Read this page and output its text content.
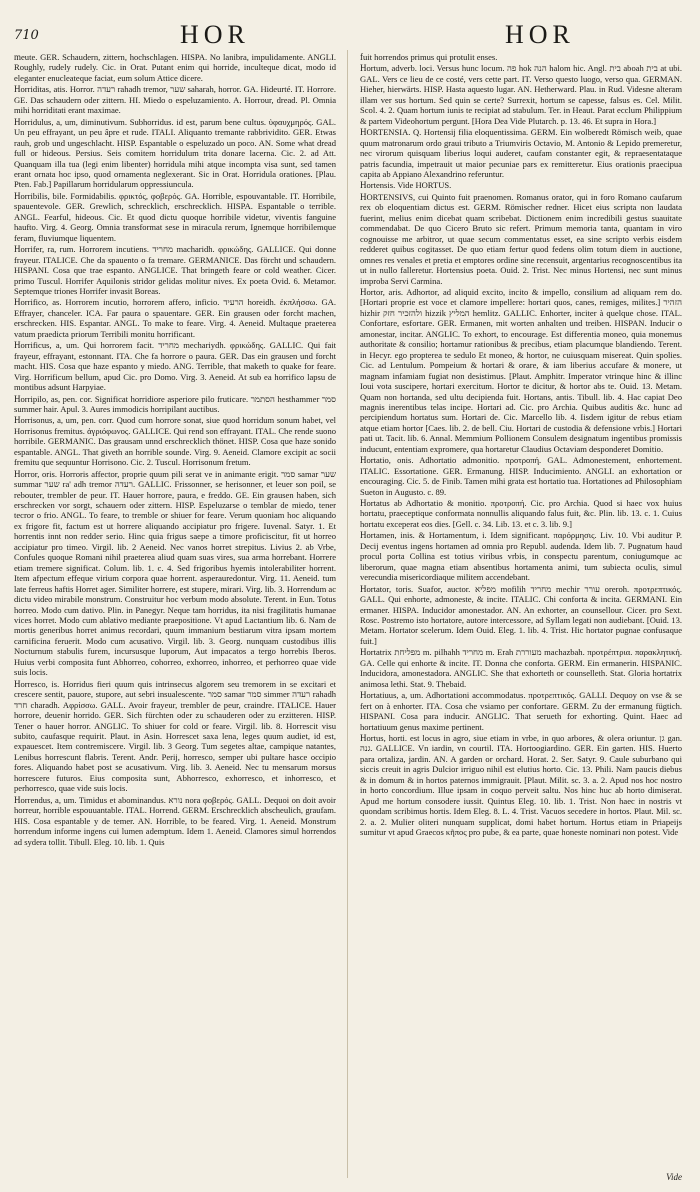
710	HOR	HOR

meute. GER. Schaudern, zittern, hochschlagen. HISPA. No lanibra, impulidamente. ANGLI. Roughly, rudely rudely. Cic. in Orat. Putant enim qui horride, inculteque dicat, modo id eleganter enucleateque faciat, eum solum Attice dicere.

Horriditas, atis. Horror. רעדה rahadh tremor, שער saharah, horror. GA. Hideurté. IT. Horrore. GE. Das schaudern oder zittern. HI. Miedo o espeluzamiento. A. Horrour, dread. Pl. Omnia mihi horriditati erant maximae.

Horridulus, a, um, diminutivum. Subhorridus. id est, parum bene cultus. ὑφαυχμηρός. GAL. Un peu effrayant, un peu âpre et rude. ITALI. Aliquanto tremante rabbrividito. GER. Etwas rauh, grob und ungeschlacht. HISP. Espantable o espeluzado un poco. AN. Some what dread full or hideous. Persius. Seis comitem horridulum trita donare lacerna. Cic. 2. ad Att. Quanquam illa tua (legi enim libenter) horridula mihi atque incompta visa sunt, sed tamen erant ornata hoc ipso, quod ornamenta neglexerant. Sic in Orat. Horridula orationes. [Plau. Pten. Fab.] Papillarum horridularum oppressiuncula.

Horribilis, bile. Formidabilis. φρικτός, φοβερός. GA. Horrible, espouvantable. IT. Horribile, spauentevole. GER. Grewlich, schrecklich, erschrecklich. HISPA. Espantable o terrible. ANGL. Fearful, hideous. Cic. Et quod dictu quoque horribile videtur, viventis fanguine haufto. Virg. 4. Georg. Omnia transformat sese in miracula rerum, Ignemque horribilemque feram, fluviumque liquentem.

Horrifer, ra, rum. Horrorem incutiens. מחריד macharidh. φρικώδης. GALLICE. Qui donne frayeur. ITALICE. Che da spauento o fa tremare. GERMANICE. Das förcht und schaudern. HISPANI. Cosa que trae espanto. ANGLICE. That bringeth feare or cold weather. Cicer. primo Tuscul. Horrifer Aquilonis stridor gelidas molitur nives. Ex poeta Ovid. 6. Metamor. Septemque triones Horrifer invasit Boreas.

Horrifico, as. Horrorem incutio, horrorem affero, inficio. הרעיד horeidh. ἐκπλήσσω. GA. Effrayer, chanceler. ICA. Far paura o spauentare. GER. Ein grausen oder forcht machen, erschrecken. HIS. Espantar. ANGL. To make to feare. Virg. 4. Aeneid. Multaque praeterea vatum praedicta priorum Terribili monitu horrificant.

Horrificus, a, um. Qui horrorem facit. מחריד mechariydh. φρικώδης. GALLIC. Qui fait frayeur, effrayant, estonnant. ITA. Che fa horrore o paura. GER. Das ein grausen und forcht macht. HIS. Cosa que haze espanto y miedo. ANG. Terrible, that maketh to quake for feare. Virg. Horrificum bellum, apud Cic. pro Domo. Virg. 3. Aeneid. At sub ea horrifico lapsu de montibus adsunt Harpyiae.

Horripilo, as, pen. cor. Significat horridiore asperiore pilo fruticare. הסתמר hesthammer סמר summer hair. Apul. 3. Aures immodicis horripilant auctibus.

Horrisonus, a, um, pen. corr. Quod cum horrore sonat, siue quod horridum sonum habet, vel Horrisonus fremitus. ἀγριόφωνος. GALLICE. Qui rend son effrayant. ITAL. Che rende suono horribile. GERMANIC. Das grausam unnd erschrecklich thönet. HISP. Cosa que haze sonido espantable. ANGL. That giveth an horrible sounde. Virg. 9. Aeneid. Clamore excipit ac socii fremitu que sequuntur Horrisono. Cic. 2. Tuscul. Horrisonum fretum.

Horror, oris. Horroris affector, proprie quum pili serat ve in animante erigit. סמר samar שער summar שער ra' adh tremor רעדה. GALLIC. Frissonner, se herisonner, et leuer son poil, se rebouter, trembler de peur. IT. Hauer horrore, paura, e freddo. GE. Ein grausen haben, sich erschrecken vor sorgt, schauern oder zittern. HISP. Espeluzarse o temblar de miedo, tener tecror o frio. ANGL. To feare, to tremble or shiuer for feare. Verum quoniam hoc aliquando ex frigore fit, factum est ut horrere aliquando accipiatur pro frigere. Iuvenal. Satyr. 1. Et horrentis innt non redder serio. Hinc quia frigus saepe a timore proficiscitur, fit ut horreo accipiatur pro timeo. Virgil. lib. 2 Aeneid. Nec vanos horret strepitus. Livius 2. ab Vrbe, Confules quoque Romani nihil praeterea aliud quam suas vires, sua arma horrebant. Horrere etiam tremere significat. Colum. lib. 1. c. 4. Sed frigoribus hyemis intolerabiliter horrent. Item afpectum effeque virium corpora quae horrent. asperauredontur. Virg. 11. Aeneid. tum late ferreus haftis Horret ager. Similiter horrere, est stupere, mirari. Virg. lib. 3. Horrendum ac dictu video mirabile monstrum. Construitur hoc verbum modo absolute. Terent. in Eun. Totus horreo. Modo cum dativo. Plin. in Panegyr. Neque tam horridus, ita nisi fragilitatis humanae vices horret. Modo cum ablativo mediante praepositione. Vt apud Lactantium lib. 6. Nam de mortis generibus horret animus recordari, quum immanium bestiarum vitra ipsam mortem carnificina feruerit. Modo cum acusativo. Virgil. lib. 3. Georg. nunquam custodibus illis Nocturnum stabulis furem, incursusque luporum, Aut impacatos a tergo horrebis Iberos. Huius verbi composita funt Abhorreo, cohorreo, exhorreo, inhorreo, et perhorreo quae vide suis locis.

Horresco, is. Horridus fieri quum quis intrinsecus algorem seu tremorem in se excitari et crescere sentit, pauore, stupore, aut sebri insualescente. סמר samar סמר simmer רעדה rahadh חרד charadh. Αφρίσσω. GALL. Avoir frayeur, trembler de peur, craindre. ITALICE. Hauer horrore, deuenir horrido. GER. Sich fürchten oder zu schauderen oder zu erzitteren. HISP. Tener o hauer horror. ANGLIC. To shiuer for cold or feare. Virgil. lib. 8. Horrescit visu subito, caufasque requirit. Plaut. in Asin. Horrescet saxa lena, leges quum audiet, id est, expauescet. Item contremiscere. Virgil. lib. 3 Georg. Tum segetes altae, campique natantes, Lenibus horrescunt flabris. Terent. Andr. Perij, horresco, semper ubi pultare hasce occipio fores. Aliquando habet post se acusativum. Virg. lib. 3. Aeneid. Nec tu mensarum morsus horrescere futuros. Eius composita sunt, Abhorresco, exhorresco, et inhorresco, et perhorresco, quae vide suis locis.

Horrendus, a, um. Timidus et abominandus. נורא nora φοβερός. GALL. Dequoi on doit avoir horreur, horrible espouuantable. ITAL. Horrend. GERM. Erschrecklich abscheulich, graufam. HIS. Cosa espantable y de temer. AN. Horrible, to be feared. Virg. 1. Aeneid. Monstrum horrendum informe ingens cui lumen ademptum. Idem 1. Aeneid. Clamores simul horrendos ad sydera tollit. Tibull. Eleg. 10. lib. 1. Quis

fuit horrendos primus qui protulit enses.

Hortum, adverb. loci. Versus hunc locum. פה hok הנה halom hic. Angl. בית aboah בית at ubi. GAL. Vers ce lieu de ce costé, vers cette part. IT. Verso questo luogo, verso qua. GERMAN. Hieher, hierwärts. HISP. Hasta aquesto lugar. AN. Hetherward. Plau. in Rud. Videsne alteram illam ver sus hortum. Sed quin se certe? Surrexit, hortum se capesse, falsus es. Cel. Milit. Scol. 4. 2. Quam hortum iunis te recipiat ad stabulum. Ter. in Heaut. Parat ecclum Philippium & partem Videohortum pergunt. [Hora Dea Vide Plutarch. p. 13. 46. Et supra in Hora.]

HORTENSIA. Q. Hortensij filia eloquentissima. GERM. Ein wolberedt Römisch weib, quae quum matronarum ordo graui tributo a Triumviris Octavio, M. Antonio & Lepido premeretur, nec virorum quisquam liberius loqui auderet, caufam constanter egit, & repraesentataque patris facundia, impetrauit ut maior pecuniae pars ex remitteretur. Eius orationis praecipua capita ab Appiano Alexandrino referuntur.

Hortensis. Vide HORTUS.

HORTENSIVS, cui Quinto fuit praenomen. Romanus orator, qui in foro Romano caufarum rex ob eloquentiam dictus est. GERM. Römischer redner. Hicet eius scripta non laudata fuerint, melius enim dicebat quam scribebat. Dictionem enim incredibili gestus suauitate commendabat. De quo Cicero Bruto sic refert. Primum memoria tanta, quantam in viro cognouisse me arbitror, ut quae secum commentatus esset, ea sine scripto verbis eisdem redderet quibus cogitasset. De quo etiam fertur quod fedens olim totum diem in auctione, omnes res venales et pretia et emptores ordine sine recensuit, argentarius recognoscentibus ita ut in nullo falleretur. Hortensius poeta. Ouid. 2. Trist. Nec minus Hortensi, nec sunt minus improba Servi Carmina.

Hortor, aris. Adhortor, ad aliquid excito, incito & impello, consilium ad aliquam rem do. [Hortari proprie est voce et clamore impellere: hortari quos, canes, remiges, milites.] הזהיר hizhir ולהזכיר חזק hizzik המליץ hemlitz. GALLIC. Enhorter, inciter à quelque chose. ITAL. Confortare, esfortare. GER. Ermanen, mit worten anhalten und treiben. HISPAN. Inducir o amonestar, incitar. ANGLIC. To exhort, to encourage. Est differentia moneo, quia monemus authoritate & consilio; hortamur rationibus & precibus, etiam placumque blandiendo. Terent. in Hecyr. ego propterea te sedulo Et moneo, & hortor, ne cuiusquam misereat. Quin spolies. Cic. ad Lentulum. Pompeium & hortari & orare, & iam liberius accufare & monere, ut magnam infamiam fugiat non desistimus. [Plaut. Amphitr. Imperator vtrinque hinc & illinc Ioui vota suscipere, hortari exercitum. Hortor te dicitur, & hortor abs te. Ouid. 13. Metam. Quam non hortanda, sed ultu decipienda fuit. Hortans, antis. Tibull. lib. 4. Hac capiat Deo magnis inerentibus telas incipe. Hortari ad. Cic. pro Archia. Quibus auditis &c. hunc ad percipiendum hortatus sum. Hortari de. Cic. Marcello lib. 4. Iisdem igitur de rebus etiam atque etiam hortor [Caes. lib. 2. de bell. Ciu. Hortari de custodia & defensione vrbis.] Hortari pati ut. Tacit. lib. 6. Annal. Memmium Pollionem Consulem designatum ingentibus promissis inducunt, ententiam expromere, qua hortaretur Claudius Octaviam desponderet Domitio.

Hortatio, onis. Adhortatio admonitio. προτροπή. GAL. Admonestement, enhortement. ITALIC. Essortatione. GER. Ermanung. HISP. Inducimiento. ANGLI. an exhortation or encouraging. Cic. 5. de Finib. Tamen mihi grata est hortatio tua. Hortationes ad Philosophiam Sueton in Augusto. c. 89.

Hortatus ab Adhortatio & monitio. προτροπή. Cic. pro Archia. Quod si haec vox huius hortatu, praeceptique conformata nonnullis aliquando falus fuit, &c. Plin. lib. 13. c. 1. Cuius hortatu exceperat eos dies. [Gell. c. 34. Lib. 13. et c. 3. lib. 9.]

Hortamen, inis. & Hortamentum, i. Idem significant. παρόρμησις. Liv. 10. Vbi auditur P. Decij eventus ingens hortamen ad omnia pro Republ. audenda. Idem lib. 7. Pugnatum haud procul porta Collina est totius viribus vrbis, in conspectu parentum, coniugumque ac liberorum, quae magna etiam absentibus hortamenta animi, tum subiecta oculis, simul verecundia misericordiaque militem accendebant.

Hortator, toris. Suafor, auctor. מפליא mofilih מחריד mechir עורר oreroh. προτρεπτικός. GALL. Qui enhorte, admoneste, & incite. ITALIC. Chi conforta & incita. GERMANI. Ein ermaner. HISPA. Inducidor amonestador. AN. An exhorter, an counsellour. Cicer. pro Sext. Rosc. Postremo isto hortatore, autore intercessore, ad Syllam legati non audiebant. [Ouid. 13. Metam. Hortator scelerum. Idem Ouid. Eleg. 1. lib. 4. Trist. Hic hortator pugnae confusaque fuit.]

Hortatrix מפליחת m. pilhahh מחריד m. Erah מעוררת machazbah. προτρέπτρια. παρακλητική. GA. Celle qui enhorte & incite. IT. Donna che conforta. GERM. Ein ermanerin. HISPANIC. Inducidora, amonestadora. ANGLIC. She that exhorteth or counselleth. Stat. Gloria hortatrix animosa lethi. Stat. 9. Thebaid.

Hortatiuus, a, um. Adhortationi accommodatus. προτρεπτικός. GALLI. Dequoy on vse & se fert on à enhorter. ITA. Cosa che vsiamo per confortare. GERM. Zu der ermanung fügtich. HISPANI. Cosa para inducir. ANGLIC. That serueth for exhorting. Quint. Haec ad hortatiuum genus maxime pertinent.

Hortus, horti. est locus in agro, siue etiam in vrbe, in quo arbores, & olera oriuntur. גן gan. גנה. GALLICE. Vn iardin, vn courtil. ITA. Hortoogiardino. GER. Ein garten. HIS. Huerto para ortaliza, jardin. AN. A garden or orchard. Horat. 2. Ser. Satyr. 9. Caule suburbano qui siccis creuit in agris Dulcior irriguo nihil est elutius horto. Cic. 13. Phili. Nam paucis diebus & in domum & in hortos paternos immigrauit. [Plaut. Milit. sc. 3. a. 2. Apud nos hoc nostro in horto concordium. Illue ipsam in coquo perveit saltu. Nos hinc huc ab horto dimiserat. Apud me hortum consodere iussit. Quintus Eleg. 10. lib. 1. Trist. Non haec in nostris vt quondam scribimus hortis. Idem Eleg. 8. L. 4. Trist. Vacuos secedere in hortos. Plaut. Mil. sc. 2. a. 2. Mulier oliteri nunquam supplicat, domi habet hortum. Hortus etiam in Priapeijs sumitur vt apud Graecos κῆπος pro pube, & ea parte, quae honeste nominari non potest. Vide

Vide
